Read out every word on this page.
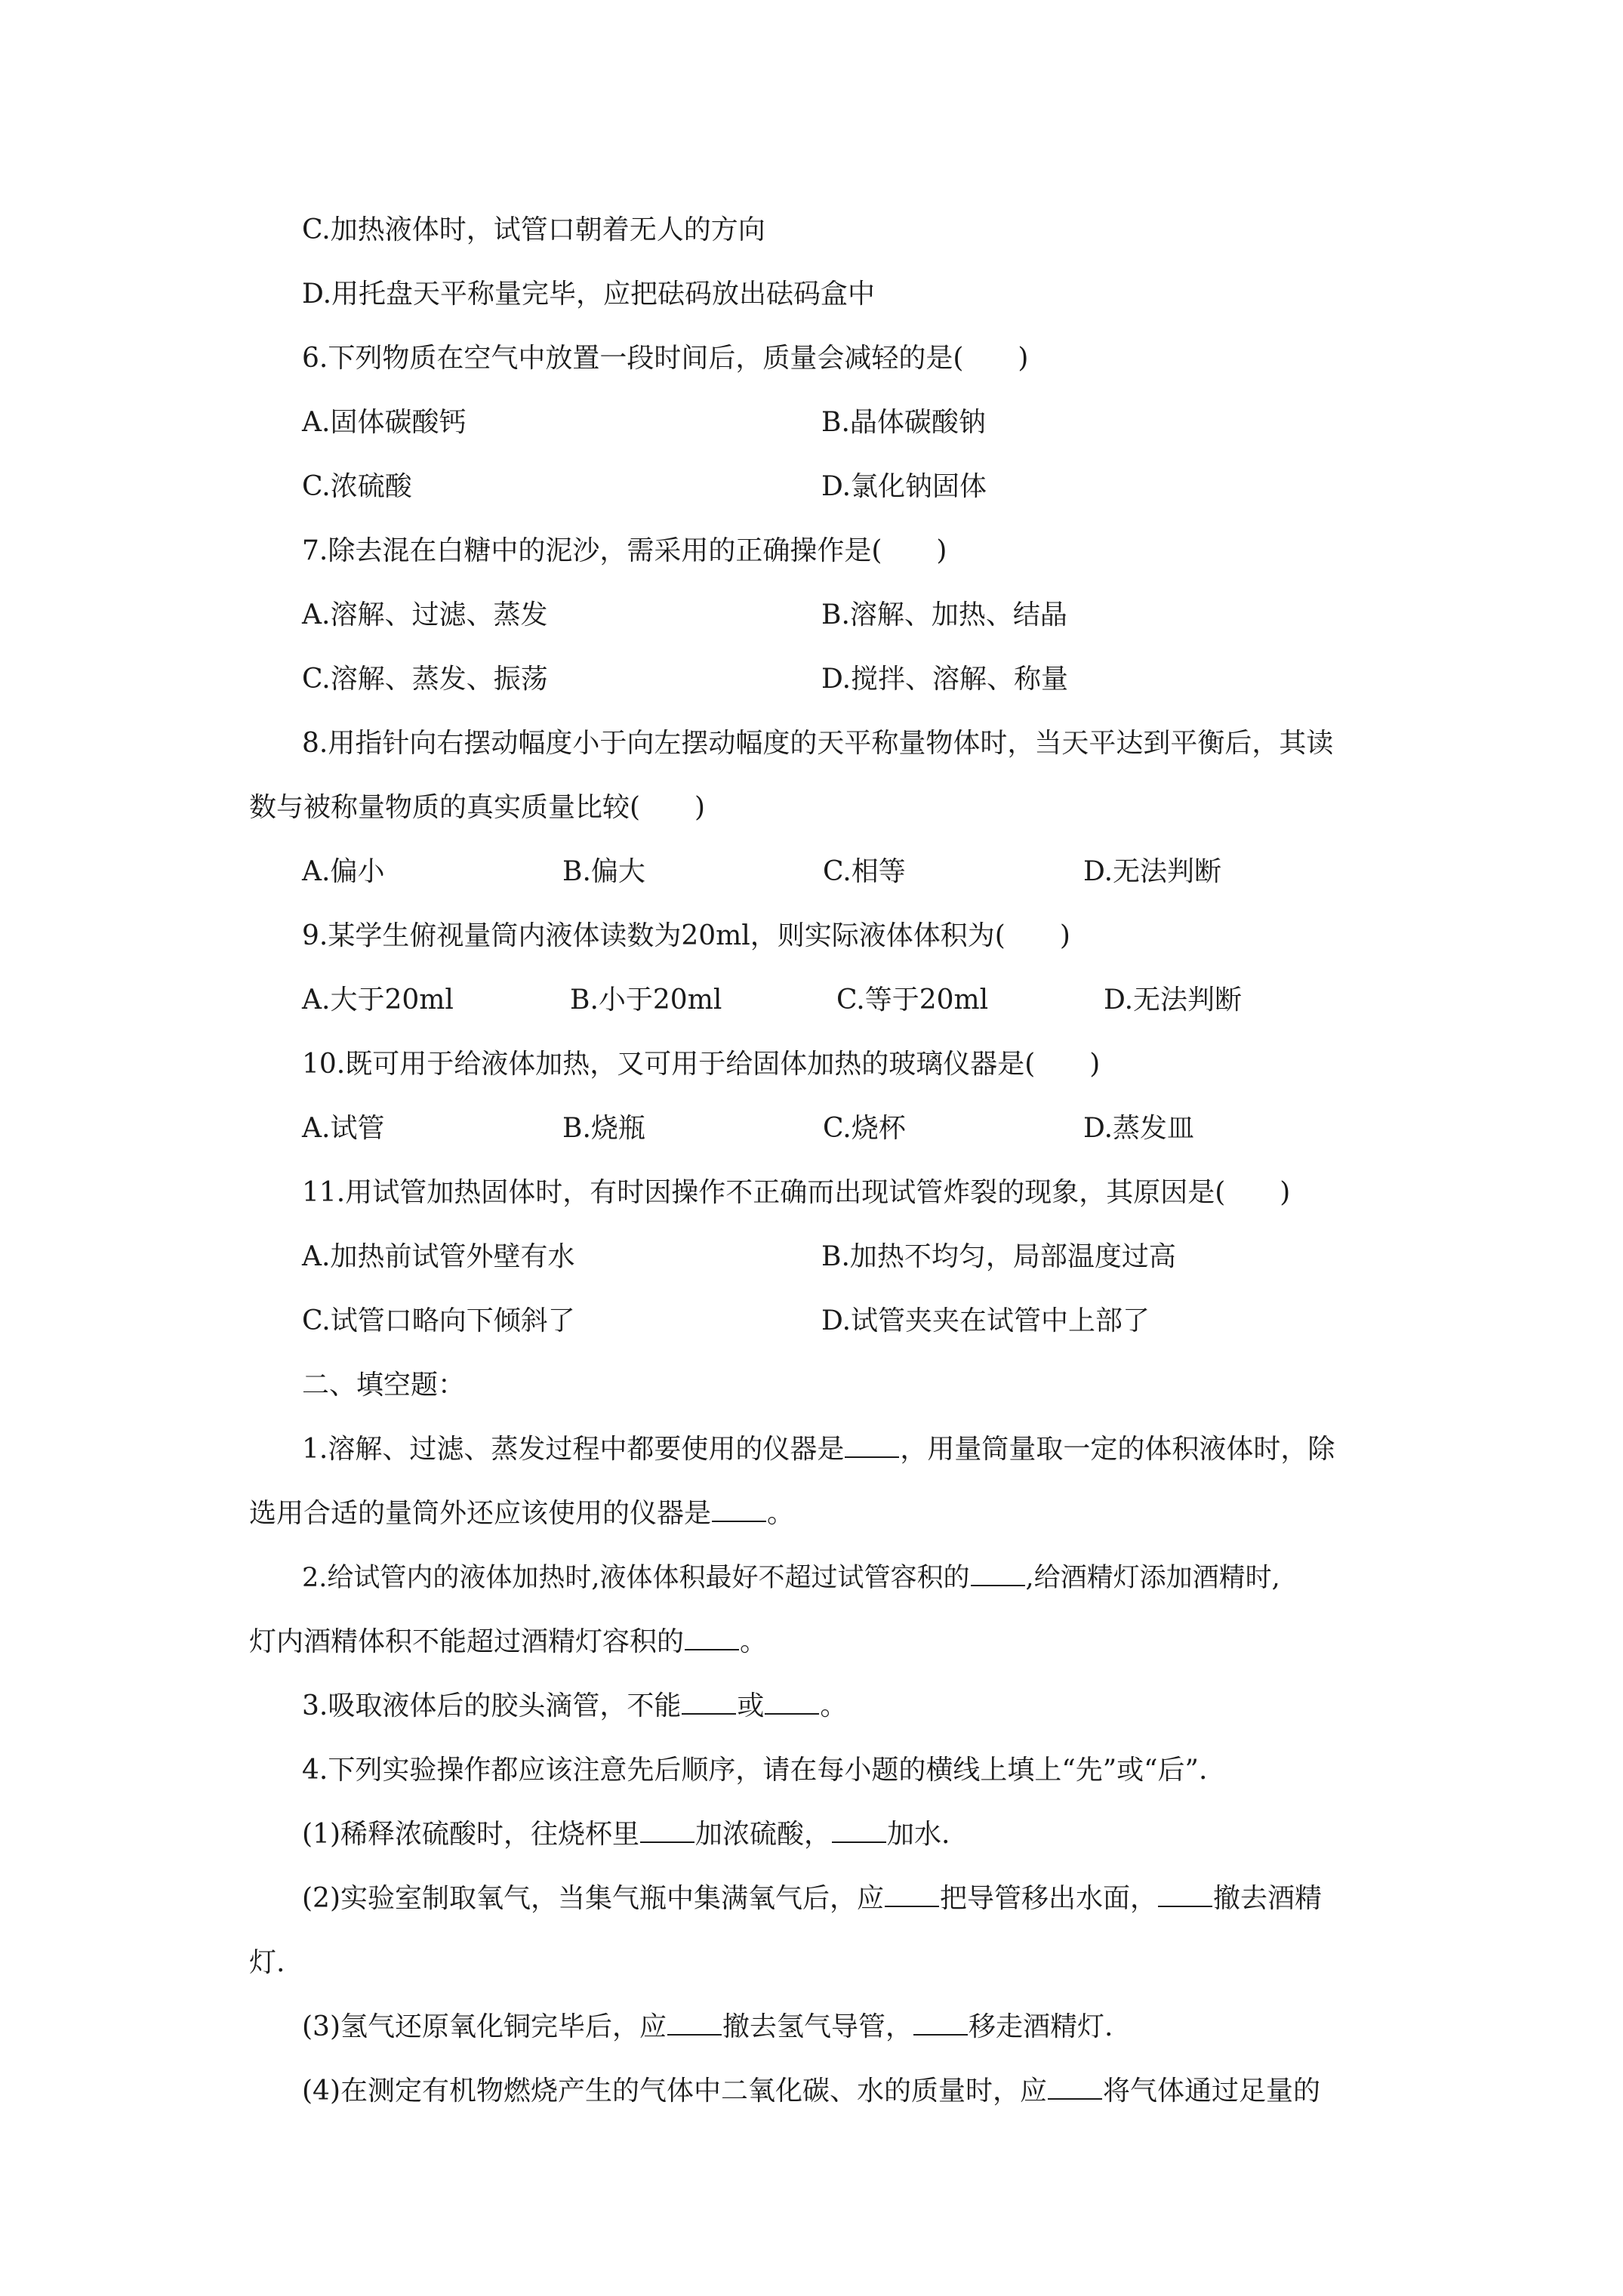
C.加热液体时，试管口朝着无人的方向
D.用托盘天平称量完毕，应把砝码放出砝码盒中
6.下列物质在空气中放置一段时间后，质量会减轻的是(　　)
A.固体碳酸钙	B.晶体碳酸钠
C.浓硫酸	D.氯化钠固体
7.除去混在白糖中的泥沙，需采用的正确操作是(　　)
A.溶解、过滤、蒸发	B.溶解、加热、结晶
C.溶解、蒸发、振荡	D.搅拌、溶解、称量
8.用指针向右摆动幅度小于向左摆动幅度的天平称量物体时，当天平达到平衡后，其读
数与被称量物质的真实质量比较(　　)
A.偏小	B.偏大	C.相等	D.无法判断
9.某学生俯视量筒内液体读数为20ml，则实际液体体积为(　　)
A.大于20ml	B.小于20ml	C.等于20ml	D.无法判断
10.既可用于给液体加热，又可用于给固体加热的玻璃仪器是(　　)
A.试管	B.烧瓶	C.烧杯	D.蒸发皿
11.用试管加热固体时，有时因操作不正确而出现试管炸裂的现象，其原因是(　　)
A.加热前试管外壁有水	B.加热不均匀，局部温度过高
C.试管口略向下倾斜了	D.试管夹夹在试管中上部了
二、填空题：
1.溶解、过滤、蒸发过程中都要使用的仪器是 ，用量筒量取一定的体积液体时，除
选用合适的量筒外还应该使用的仪器是 。
2.给试管内的液体加热时,液体体积最好不超过试管容积的 ,给酒精灯添加酒精时,
灯内酒精体积不能超过酒精灯容积的 。
3.吸取液体后的胶头滴管，不能 或 。
4.下列实验操作都应该注意先后顺序，请在每小题的横线上填上“先”或“后”.
(1)稀释浓硫酸时，往烧杯里 加浓硫酸， 加水.
(2)实验室制取氧气，当集气瓶中集满氧气后，应 把导管移出水面， 撤去酒精
灯.
(3)氢气还原氧化铜完毕后，应 撤去氢气导管， 移走酒精灯.
(4)在测定有机物燃烧产生的气体中二氧化碳、水的质量时，应 将气体通过足量的
